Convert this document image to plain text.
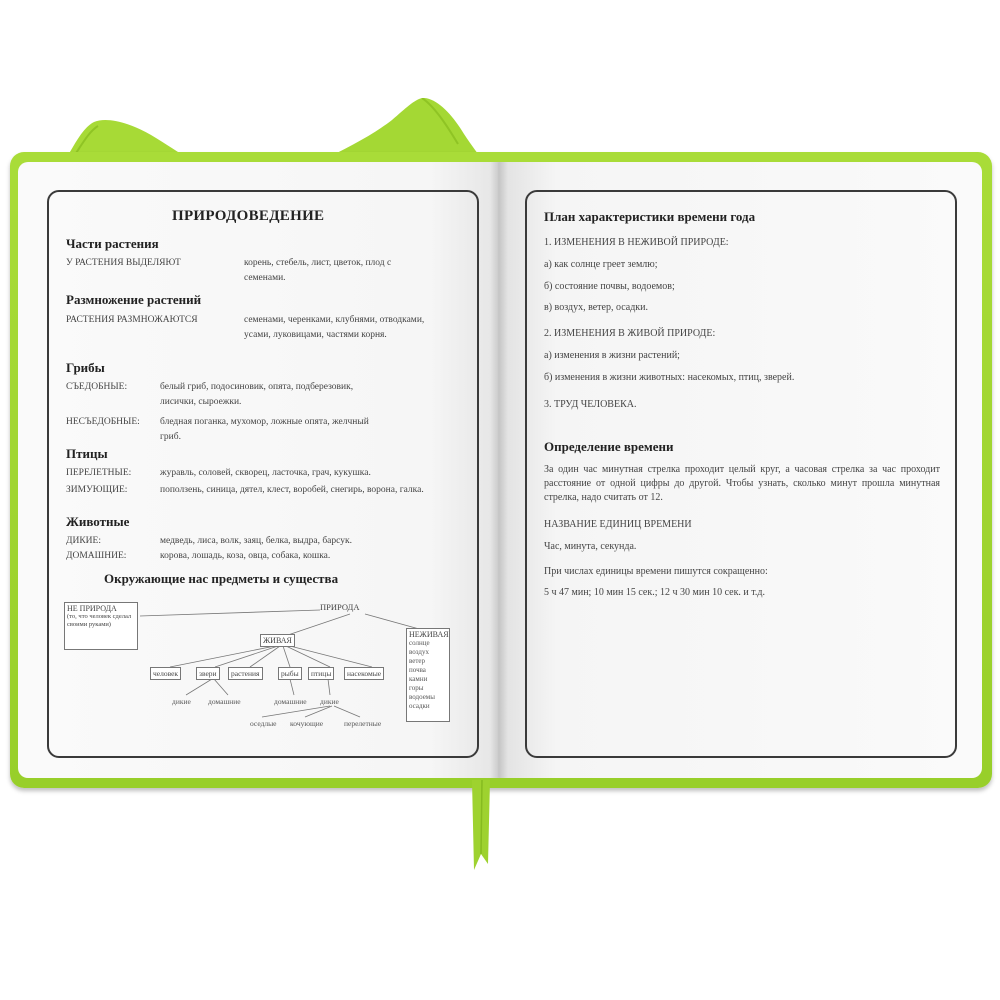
ПРИРОДОВЕДЕНИЕ
Части растения
У РАСТЕНИЯ ВЫДЕЛЯЮТ	корень, стебель, лист, цветок, плод с семенами.
Размножение растений
РАСТЕНИЯ РАЗМНОЖАЮТСЯ	семенами, черенками, клубнями, отводками, усами, луковицами, частями корня.
Грибы
СЪЕДОБНЫЕ:	белый гриб, подосиновик, опята, подберезовик, лисички, сыроежки.
НЕСЪЕДОБНЫЕ: бледная поганка, мухомор, ложные опята, желчный гриб.
Птицы
ПЕРЕЛЕТНЫЕ:	журавль, соловей, скворец, ласточка, грач, кукушка.
ЗИМУЮЩИЕ:	поползень, синица, дятел, клест, воробей, снегирь, ворона, галка.
Животные
ДИКИЕ:	медведь, лиса, волк, заяц, белка, выдра, барсук.
ДОМАШНИЕ:	корова, лошадь, коза, овца, собака, кошка.
Окружающие нас предметы и существа
НЕ ПРИРОДА
(то, что человек сделал своими руками)
ПРИРОДА
ЖИВАЯ
НЕЖИВАЯ
солнце
воздух
ветер
почва
камни
горы
водоемы
осадки
человек	звери	растения	рыбы	птицы	насекомые
дикие домашние	домашние дикие
оседлые кочующие	перелетные
План характеристики времени года
1. ИЗМЕНЕНИЯ В НЕЖИВОЙ ПРИРОДЕ:
а) как солнце греет землю;
б) состояние почвы, водоемов;
в) воздух, ветер, осадки.
2. ИЗМЕНЕНИЯ В ЖИВОЙ ПРИРОДЕ:
а) изменения в жизни растений;
б) изменения в жизни животных: насекомых, птиц, зверей.
3. ТРУД ЧЕЛОВЕКА.
Определение времени
За один час минутная стрелка проходит целый круг, а часовая стрелка за час проходит расстояние от одной цифры до другой. Чтобы узнать, сколько минут прошла минутная стрелка, надо считать от 12.
НАЗВАНИЕ ЕДИНИЦ ВРЕМЕНИ
Час, минута, секунда.
При числах единицы времени пишутся сокращенно:
5 ч 47 мин; 10 мин 15 сек.; 12 ч 30 мин 10 сек. и т.д.
